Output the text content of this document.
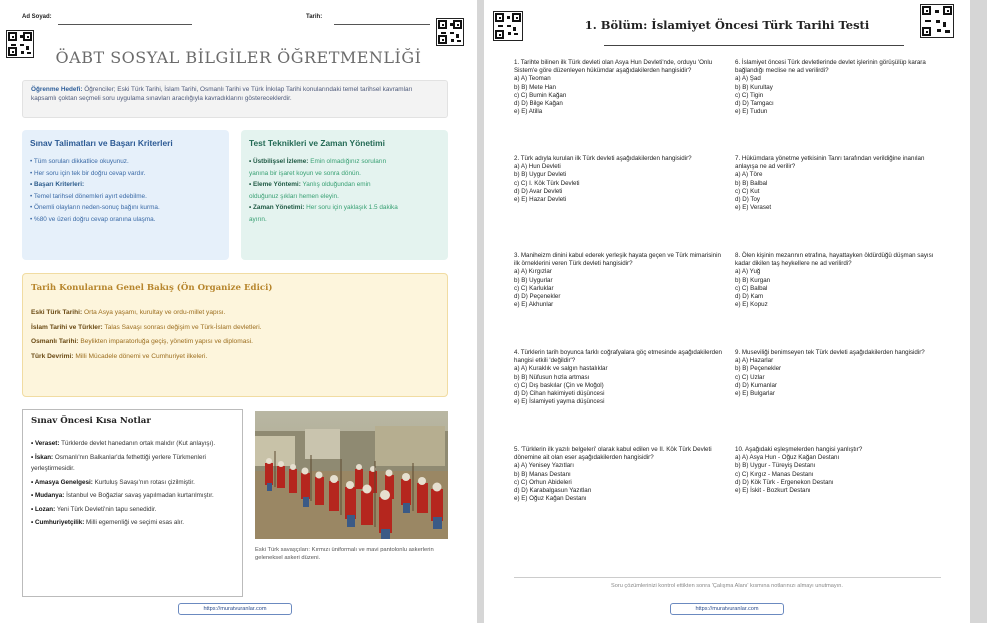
Ad Soyad:	Tarih:
ÖABT SOSYAL BİLGİLER ÖĞRETMENLİĞİ
Öğrenme Hedefi: Öğrenciler; Eski Türk Tarihi, İslam Tarihi, Osmanlı Tarihi ve Türk İnkılap Tarihi konularındaki temel tarihsel kavramları kapsamlı çoktan seçmeli soru uygulama sınavları aracılığıyla kavradıklarını göstereceklerdir.
Sınav Talimatları ve Başarı Kriterleri
• Tüm soruları dikkatlice okuyunuz.
• Her soru için tek bir doğru cevap vardır.
• Başarı Kriterleri:
• Temel tarihsel dönemleri ayırt edebilme.
• Önemli olayların neden-sonuç bağını kurma.
• %80 ve üzeri doğru cevap oranına ulaşma.
Test Teknikleri ve Zaman Yönetimi
• Üstbilişsel İzleme: Emin olmadığınız soruların
yanına bir işaret koyun ve sonra dönün.
• Eleme Yöntemi: Yanlış olduğundan emin
olduğunuz şıkları hemen eleyin.
• Zaman Yönetimi: Her soru için yaklaşık 1.5 dakika
ayırın.
Tarih Konularına Genel Bakış (Ön Organize Edici)
Eski Türk Tarihi: Orta Asya yaşamı, kurultay ve ordu-millet yapısı.
İslam Tarihi ve Türkler: Talas Savaşı sonrası değişim ve Türk-İslam devletleri.
Osmanlı Tarihi: Beylikten imparatorluğa geçiş, yönetim yapısı ve diplomasi.
Türk Devrimi: Milli Mücadele dönemi ve Cumhuriyet ilkeleri.
Sınav Öncesi Kısa Notlar
• Veraset: Türklerde devlet hanedanın ortak malıdır (Kut anlayışı).
• İskan: Osmanlı'nın Balkanlar'da fethettiği yerlere Türkmenleri yerleştirmesidir.
• Amasya Genelgesi: Kurtuluş Savaşı'nın rotası çizilmiştir.
• Mudanya: İstanbul ve Boğazlar savaş yapılmadan kurtarılmıştır.
• Lozan: Yeni Türk Devleti'nin tapu senedidir.
• Cumhuriyetçilik: Milli egemenliği ve seçimi esas alır.
Eski Türk savaşçıları: Kırmızı üniformalı ve mavi pantolonlu askerlerin geleneksel askeri düzeni.
https://muratvuranlar.com
1. Bölüm: İslamiyet Öncesi Türk Tarihi Testi
1. Tarihte bilinen ilk Türk devleti olan Asya Hun Devleti'nde, orduyu 'Onlu Sistem'e göre düzenleyen hükümdar aşağıdakilerden hangisidir?
a) A) Teoman
b) B) Mete Han
c) C) Bumin Kağan
d) D) Bilge Kağan
e) E) Atilla
2. Türk adıyla kurulan ilk Türk devleti aşağıdakilerden hangisidir?
a) A) Hun Devleti
b) B) Uygur Devleti
c) C) I. Kök Türk Devleti
d) D) Avar Devleti
e) E) Hazar Devleti
3. Maniheizm dinini kabul ederek yerleşik hayata geçen ve Türk mimarisinin ilk örneklerini veren Türk devleti hangisidir?
a) A) Kırgızlar
b) B) Uygurlar
c) C) Karluklar
d) D) Peçenekler
e) E) Akhunlar
4. Türklerin tarih boyunca farklı coğrafyalara göç etmesinde aşağıdakilerden hangisi etkili 'değildir'?
a) A) Kuraklık ve salgın hastalıklar
b) B) Nüfusun hızla artması
c) C) Dış baskılar (Çin ve Moğol)
d) D) Cihan hakimiyeti düşüncesi
e) E) İslamiyeti yayma düşüncesi
5. 'Türklerin ilk yazılı belgeleri' olarak kabul edilen ve II. Kök Türk Devleti dönemine ait olan eser aşağıdakilerden hangisidir?
a) A) Yenisey Yazıtları
b) B) Manas Destanı
c) C) Orhun Abideleri
d) D) Karabalgasun Yazıtları
e) E) Oğuz Kağan Destanı
6. İslamiyet öncesi Türk devletlerinde devlet işlerinin görüşülüp karara bağlandığı meclise ne ad verilirdi?
a) A) Şad
b) B) Kurultay
c) C) Tigin
d) D) Tamgacı
e) E) Tudun
7. Hükümdara yönetme yetkisinin Tanrı tarafından verildiğine inanılan anlayışa ne ad verilir?
a) A) Töre
b) B) Balbal
c) C) Kut
d) D) Toy
e) E) Veraset
8. Ölen kişinin mezarının etrafına, hayattayken öldürdüğü düşman sayısı kadar dikilen taş heykellere ne ad verilirdi?
a) A) Yuğ
b) B) Kurgan
c) C) Balbal
d) D) Kam
e) E) Kopuz
9. Museviliği benimseyen tek Türk devleti aşağıdakilerden hangisidir?
a) A) Hazarlar
b) B) Peçenekler
c) C) Uzlar
d) D) Kumanlar
e) E) Bulgarlar
10. Aşağıdaki eşleşmelerden hangisi yanlıştır?
a) A) Asya Hun - Oğuz Kağan Destanı
b) B) Uygur - Türeyiş Destanı
c) C) Kırgız - Manas Destanı
d) D) Kök Türk - Ergenekon Destanı
e) E) İskit - Bozkurt Destanı
Soru çözümlerinizi kontrol ettikten sonra 'Çalışma Alanı' kısmına notlarınızı almayı unutmayın.
https://muratvuranlar.com
